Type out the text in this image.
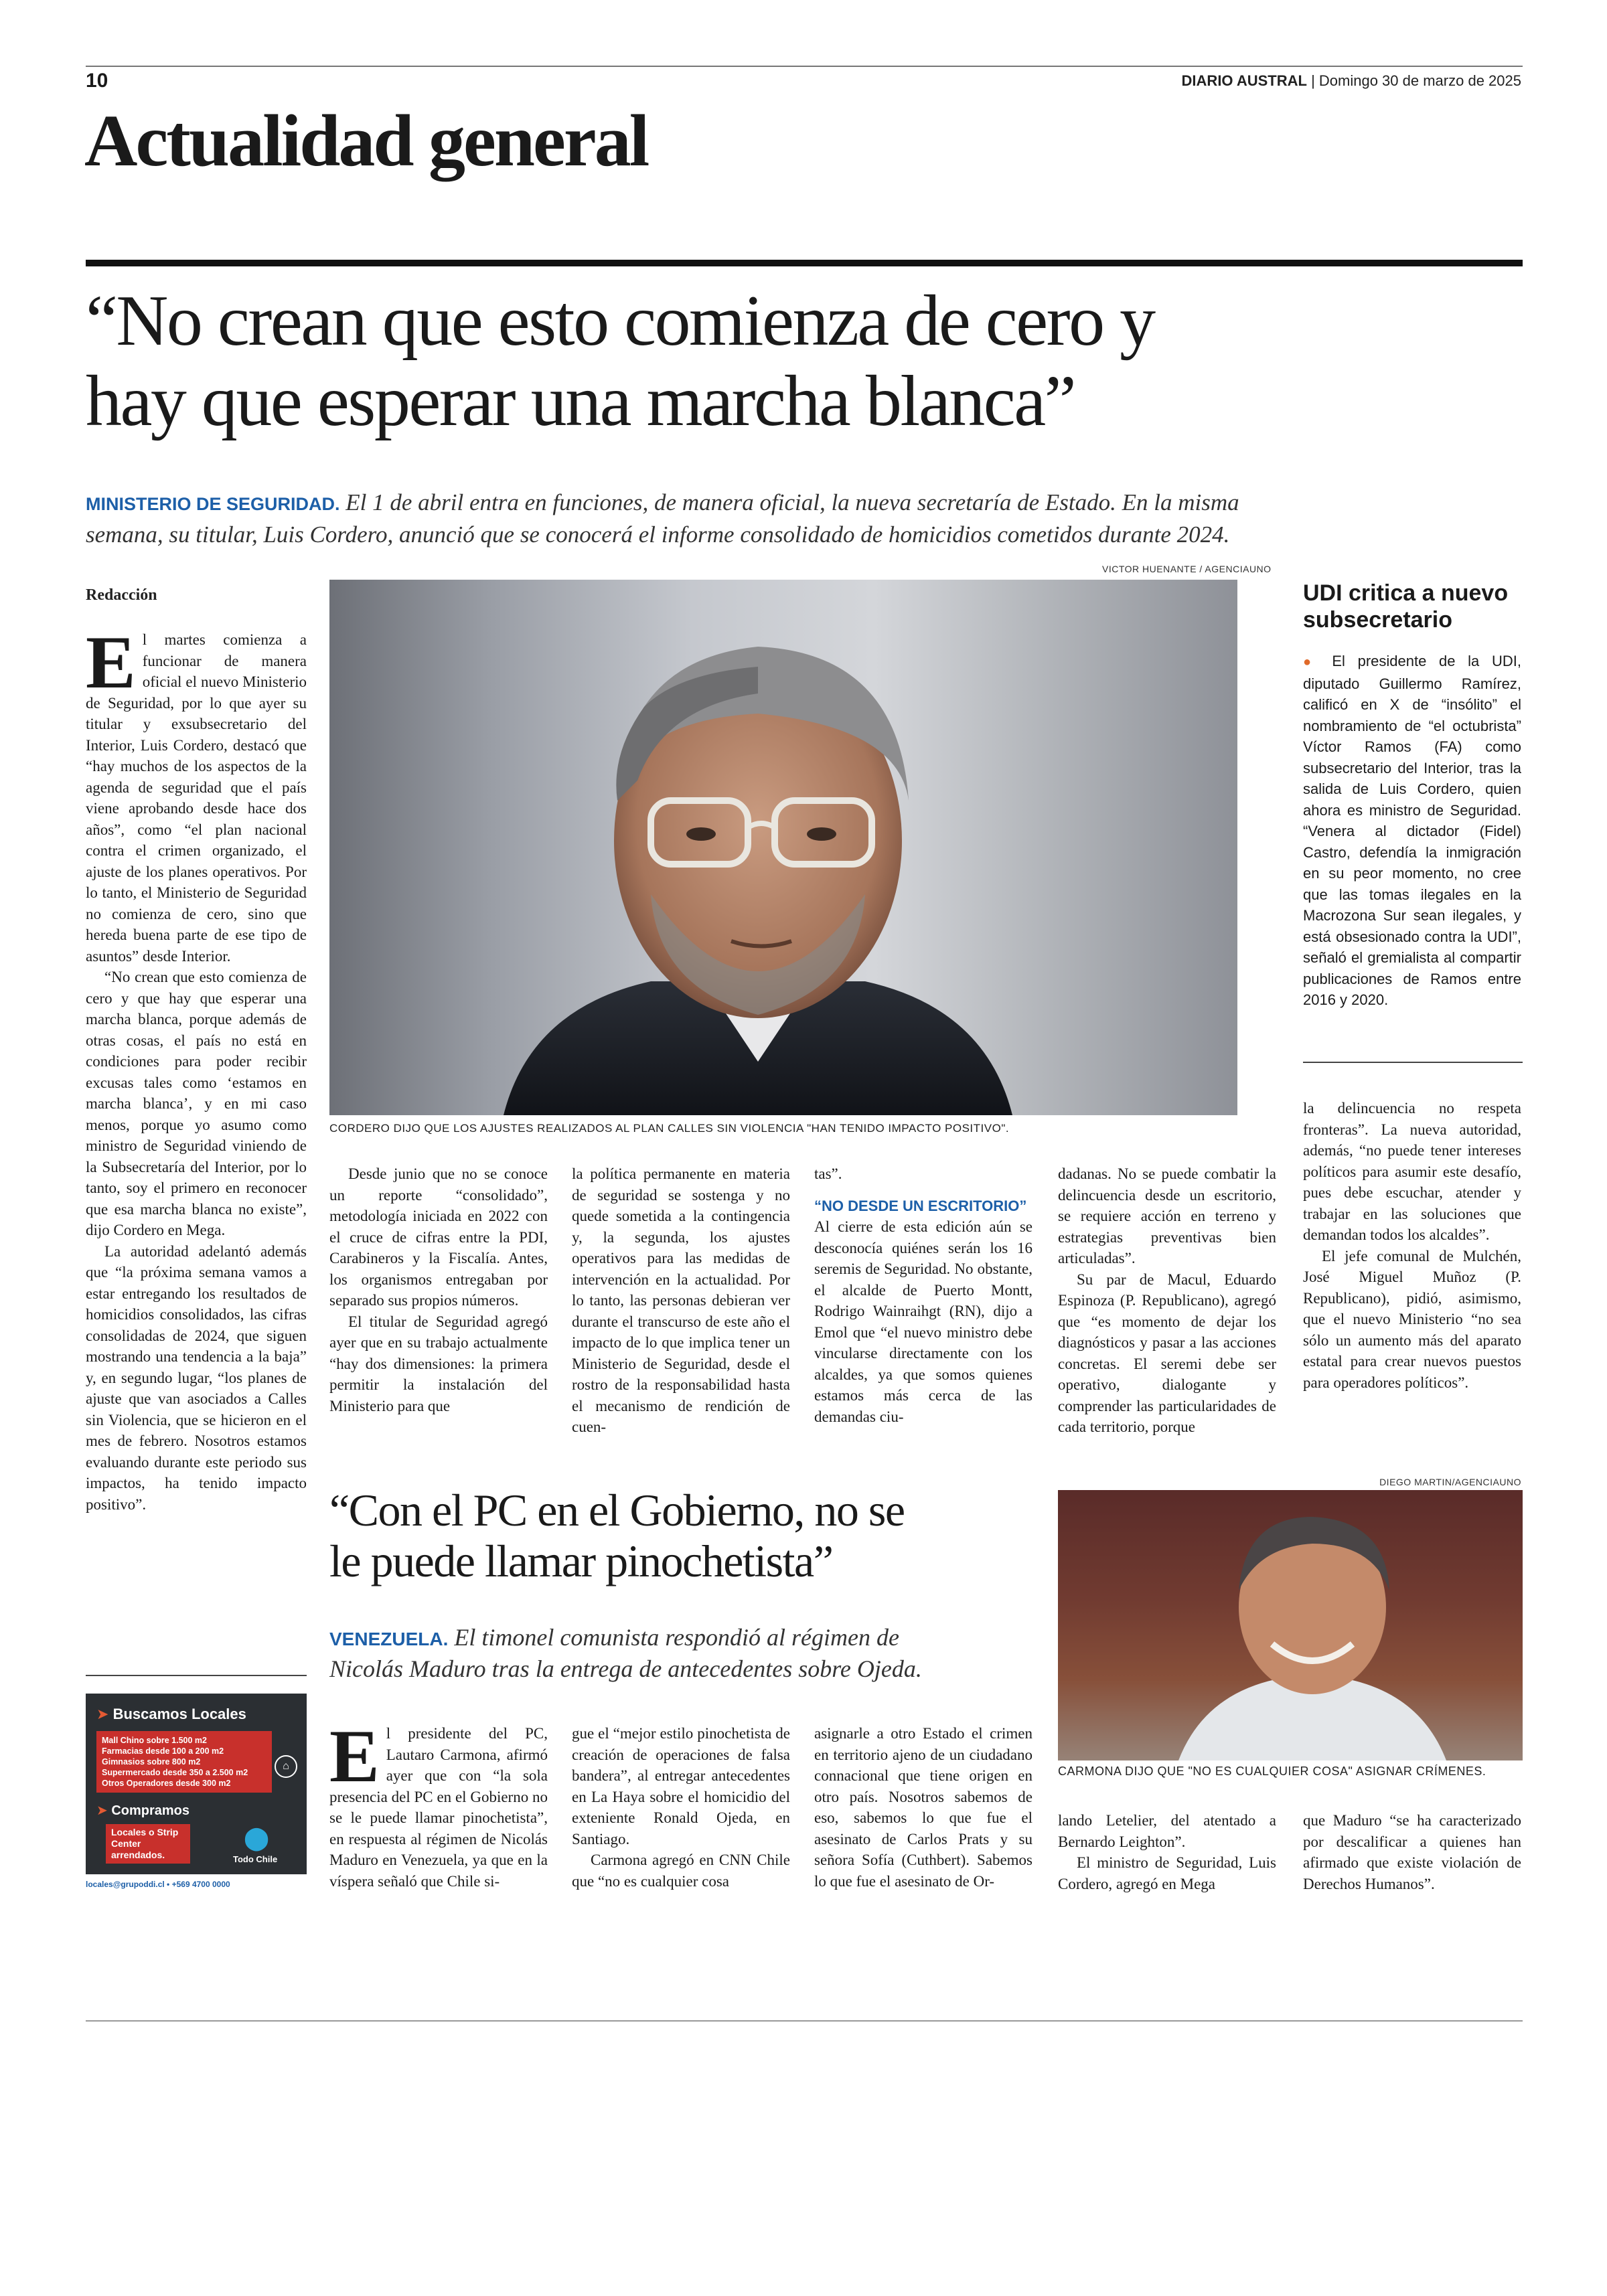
10	DIARIO AUSTRAL | Domingo 30 de marzo de 2025
Actualidad general
“No crean que esto comienza de cero y
hay que esperar una marcha blanca”
MINISTERIO DE SEGURIDAD. El 1 de abril entra en funciones, de manera oficial, la nueva secretaría de Estado. En la misma
semana, su titular, Luis Cordero, anunció que se conocerá el informe consolidado de homicidios cometidos durante 2024.
VICTOR HUENANTE / AGENCIAUNO
CORDERO DIJO QUE LOS AJUSTES REALIZADOS AL PLAN CALLES SIN VIOLENCIA "HAN TENIDO IMPACTO POSITIVO".
Redacción

El martes comienza a funcionar de manera oficial el nuevo Ministerio de Seguridad, por lo que ayer su titular y exsubsecretario del Interior, Luis Cordero, destacó que “hay muchos de los aspectos de la agenda de seguridad que el país viene aprobando desde hace dos años”, como “el plan nacional contra el crimen organizado, el ajuste de los planes operativos. Por lo tanto, el Ministerio de Seguridad no comienza de cero, sino que hereda buena parte de ese tipo de asuntos” desde Interior.

“No crean que esto comienza de cero y que hay que esperar una marcha blanca, porque además de otras cosas, el país no está en condiciones para poder recibir excusas tales como ‘estamos en marcha blanca’, y en mi caso menos, porque yo asumo como ministro de Seguridad viniendo de la Subsecretaría del Interior, por lo tanto, soy el primero en reconocer que esa marcha blanca no existe”, dijo Cordero en Mega.

La autoridad adelantó además que “la próxima semana vamos a estar entregando los resultados de homicidios consolidados, las cifras consolidadas de 2024, que siguen mostrando una tendencia a la baja” y, en segundo lugar, “los planes de ajuste que van asociados a Calles sin Violencia, que se hicieron en el mes de febrero. Nosotros estamos evaluando durante este periodo sus impactos, ha tenido impacto positivo”.

Desde junio que no se conoce un reporte “consolidado”, metodología iniciada en 2022 con el cruce de cifras entre la PDI, Carabineros y la Fiscalía. Antes, los organismos entregaban por separado sus propios números.

El titular de Seguridad agregó ayer que en su trabajo actualmente “hay dos dimensiones: la primera permitir la instalación del Ministerio para que

la política permanente en materia de seguridad se sostenga y no quede sometida a la contingencia y, la segunda, los ajustes operativos para las medidas de intervención en la actualidad. Por lo tanto, las personas debieran ver durante el transcurso de este año el impacto de lo que implica tener un Ministerio de Seguridad, desde el rostro de la responsabilidad hasta el mecanismo de rendición de cuen-

tas”.

“NO DESDE UN ESCRITORIO”

Al cierre de esta edición aún se desconocía quiénes serán los 16 seremis de Seguridad. No obstante, el alcalde de Puerto Montt, Rodrigo Wainraihgt (RN), dijo a Emol que “el nuevo ministro debe vincularse directamente con los alcaldes, ya que somos quienes estamos más cerca de las demandas ciu-

dadanas. No se puede combatir la delincuencia desde un escritorio, se requiere acción en terreno y estrategias preventivas bien articuladas”.

Su par de Macul, Eduardo Espinoza (P. Republicano), agregó que “es momento de dejar los diagnósticos y pasar a las acciones concretas. El seremi debe ser operativo, dialogante y comprender las particularidades de cada territorio, porque

la delincuencia no respeta fronteras”. La nueva autoridad, además, “no puede tener intereses políticos para asumir este desafío, pues debe escuchar, atender y trabajar en las soluciones que demandan todos los alcaldes”.

El jefe comunal de Mulchén, José Miguel Muñoz (P. Republicano), pidió, asimismo, que el nuevo Ministerio “no sea sólo un aumento más del aparato estatal para crear nuevos puestos para operadores políticos”.

UDI critica a nuevo subsecretario

● El presidente de la UDI, diputado Guillermo Ramírez, calificó en X de “insólito” el nombramiento de “el octubrista” Víctor Ramos (FA) como subsecretario del Interior, tras la salida de Luis Cordero, quien ahora es ministro de Seguridad. “Venera al dictador (Fidel) Castro, defendía la inmigración en su peor momento, no cree que las tomas ilegales en la Macrozona Sur sean ilegales, y está obsesionado contra la UDI”, señaló el gremialista al compartir publicaciones de Ramos entre 2016 y 2020.

DIEGO MARTIN/AGENCIAUNO
CARMONA DIJO QUE "NO ES CUALQUIER COSA" ASIGNAR CRÍMENES.
“Con el PC en el Gobierno, no se
le puede llamar pinochetista”
VENEZUELA. El timonel comunista respondió al régimen de
Nicolás Maduro tras la entrega de antecedentes sobre Ojeda.

El presidente del PC, Lautaro Carmona, afirmó ayer que con “la sola presencia del PC en el Gobierno no se le puede llamar pinochetista”, en respuesta al régimen de Nicolás Maduro en Venezuela, ya que en la víspera señaló que Chile si-

gue el “mejor estilo pinochetista de creación de operaciones de falsa bandera”, al entregar antecedentes en La Haya sobre el homicidio del exteniente Ronald Ojeda, en Santiago.

Carmona agregó en CNN Chile que “no es cualquier cosa

asignarle a otro Estado el crimen en territorio ajeno de un ciudadano connacional que tiene origen en otro país. Nosotros sabemos de eso, sabemos lo que fue el asesinato de Carlos Prats y su señora Sofía (Cuthbert). Sabemos lo que fue el asesinato de Or-

lando Letelier, del atentado a Bernardo Leighton”.

El ministro de Seguridad, Luis Cordero, agregó en Mega

que Maduro “se ha caracterizado por descalificar a quienes han afirmado que existe violación de Derechos Humanos”.

➤ Buscamos Locales
Mall Chino sobre 1.500 m2
Farmacias desde 100 a 200 m2
Gimnasios sobre 800 m2
Supermercado desde 350 a 2.500 m2
Otros Operadores desde 300 m2
⌂
➤ Compramos
Locales o Strip Center arrendados.
⬤
Todo Chile
locales@grupoddi.cl • +569 4700 0000
